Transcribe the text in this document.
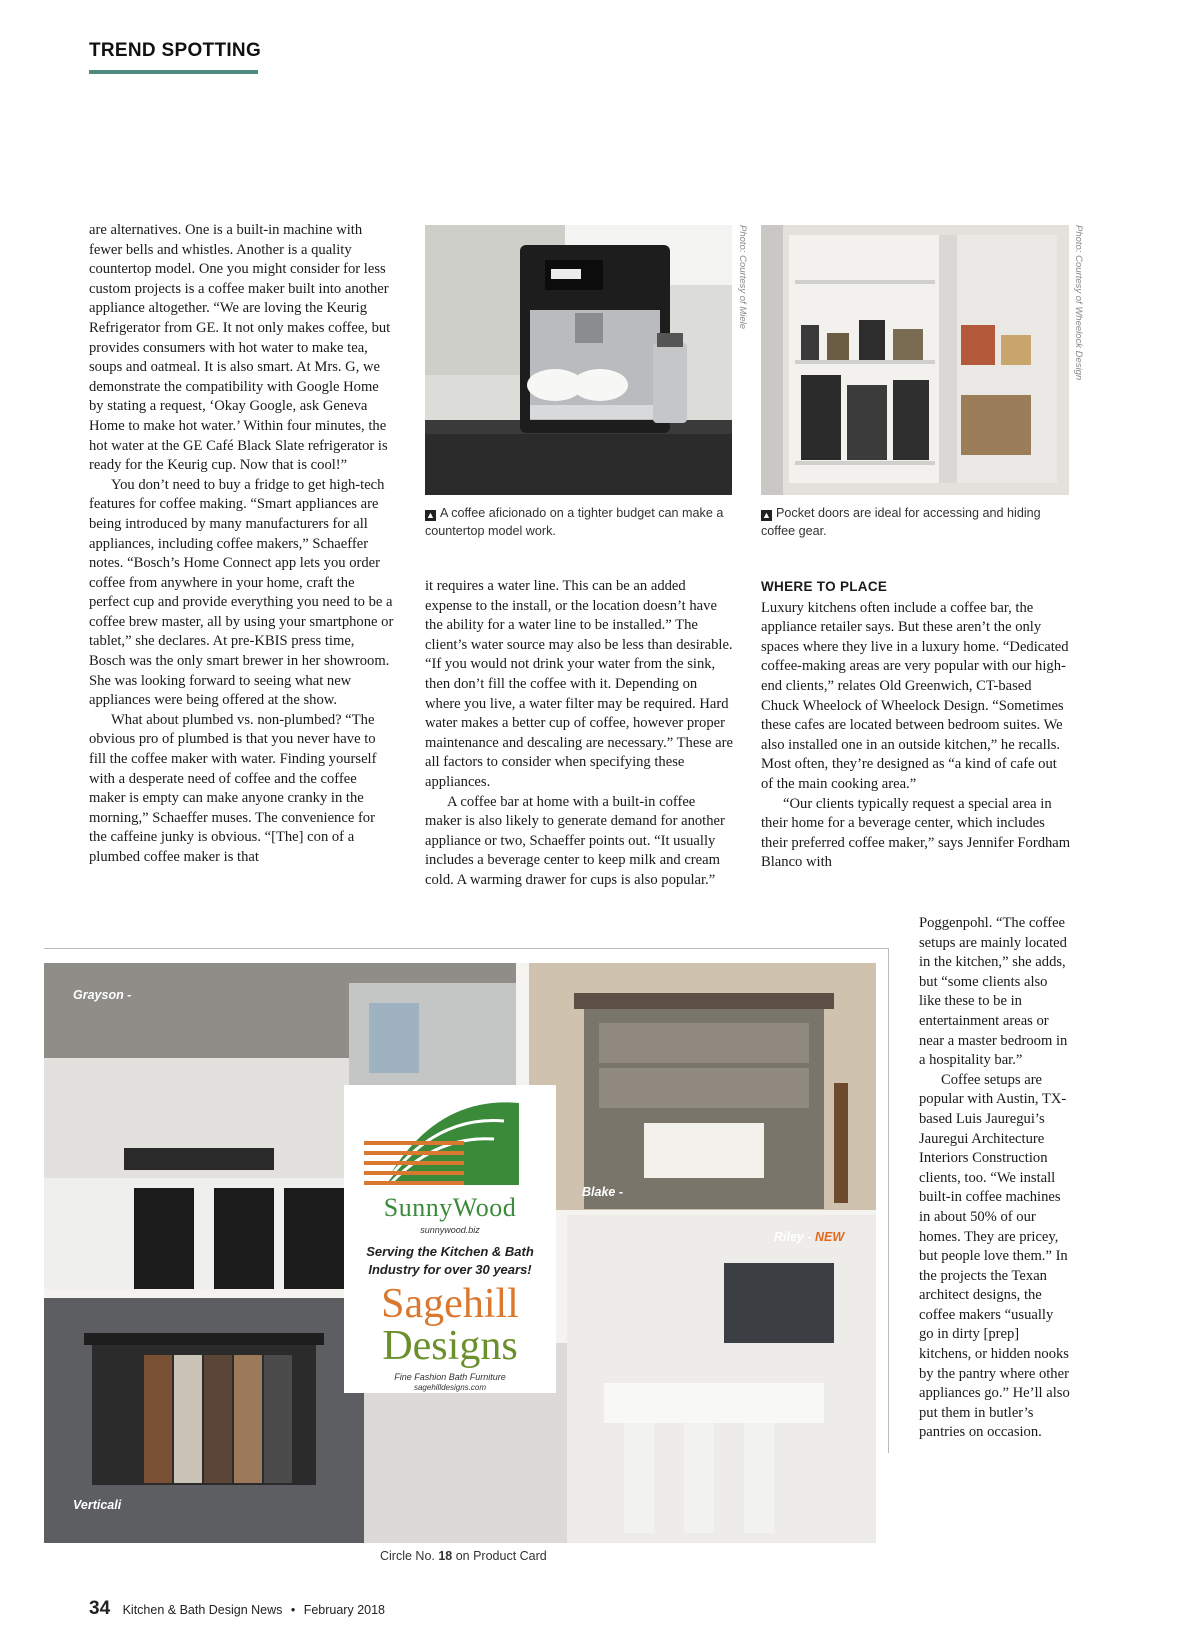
TREND SPOTTING

are alternatives. One is a built-in machine with fewer bells and whistles. Another is a quality countertop model. One you might consider for less custom projects is a coffee maker built into another appliance altogether. “We are loving the Keurig Refrigerator from GE. It not only makes coffee, but provides consumers with hot water to make tea, soups and oatmeal. It is also smart. At Mrs. G, we demonstrate the compatibility with Google Home by stating a request, ‘Okay Google, ask Geneva Home to make hot water.’ Within four minutes, the hot water at the GE Café Black Slate refrigerator is ready for the Keurig cup. Now that is cool!”

You don’t need to buy a fridge to get high-tech features for coffee making. “Smart appliances are being introduced by many manufacturers for all appliances, including coffee makers,” Schaeffer notes. “Bosch’s Home Connect app lets you order coffee from anywhere in your home, craft the perfect cup and provide everything you need to be a coffee brew master, all by using your smartphone or tablet,” she declares. At pre-KBIS press time, Bosch was the only smart brewer in her showroom. She was looking forward to seeing what new appliances were being offered at the show.

What about plumbed vs. non-plumbed? “The obvious pro of plumbed is that you never have to fill the coffee maker with water. Finding yourself with a desperate need of coffee and the coffee maker is empty can make anyone cranky in the morning,” Schaeffer muses. The convenience for the caffeine junky is obvious. “[The] con of a plumbed coffee maker is that

Photo: Courtesy of Miele
▲ A coffee aficionado on a tighter budget can make a countertop model work.
Photo: Courtesy of Wheelock Design
▲ Pocket doors are ideal for accessing and hiding coffee gear.

it requires a water line. This can be an added expense to the install, or the location doesn’t have the ability for a water line to be installed.” The client’s water source may also be less than desirable. “If you would not drink your water from the sink, then don’t fill the coffee with it. Depending on where you live, a water filter may be required. Hard water makes a better cup of coffee, however proper maintenance and descaling are necessary.” These are all factors to consider when specifying these appliances.

A coffee bar at home with a built-in coffee maker is also likely to generate demand for another appliance or two, Schaeffer points out. “It usually includes a beverage center to keep milk and cream cold. A warming drawer for cups is also popular.”

WHERE TO PLACE

Luxury kitchens often include a coffee bar, the appliance retailer says. But these aren’t the only spaces where they live in a luxury home. “Dedicated coffee-making areas are very popular with our high-end clients,” relates Old Greenwich, CT-based Chuck Wheelock of Wheelock Design. “Sometimes these cafes are located between bedroom suites. We also installed one in an outside kitchen,” he recalls. Most often, they’re designed as “a kind of cafe out of the main cooking area.”

“Our clients typically request a special area in their home for a beverage center, which includes their preferred coffee maker,” says Jennifer Fordham Blanco with

Poggenpohl. “The coffee setups are mainly located in the kitchen,” she adds, but “some clients also like these to be in entertainment areas or near a master bedroom in a hospitality bar.”

Coffee setups are popular with Austin, TX-based Luis Jauregui’s Jauregui Architecture Interiors Construction clients, too. “We install built-in coffee machines in about 50% of our homes. They are pricey, but people love them.” In the projects the Texan architect designs, the coffee makers “usually go in dirty [prep] kitchens, or hidden nooks by the pantry where other appliances go.” He’ll also put them in butler’s pantries on occasion.

SunnyWood
sunnywood.biz
Serving the Kitchen & Bath Industry for over 30 years!
Sagehill
Designs
Fine Fashion Bath Furniture
sagehilldesigns.com
Grayson -
Blake -
Riley - NEW
Verticali
Circle No. 18 on Product Card
34 Kitchen & Bath Design News • February 2018
